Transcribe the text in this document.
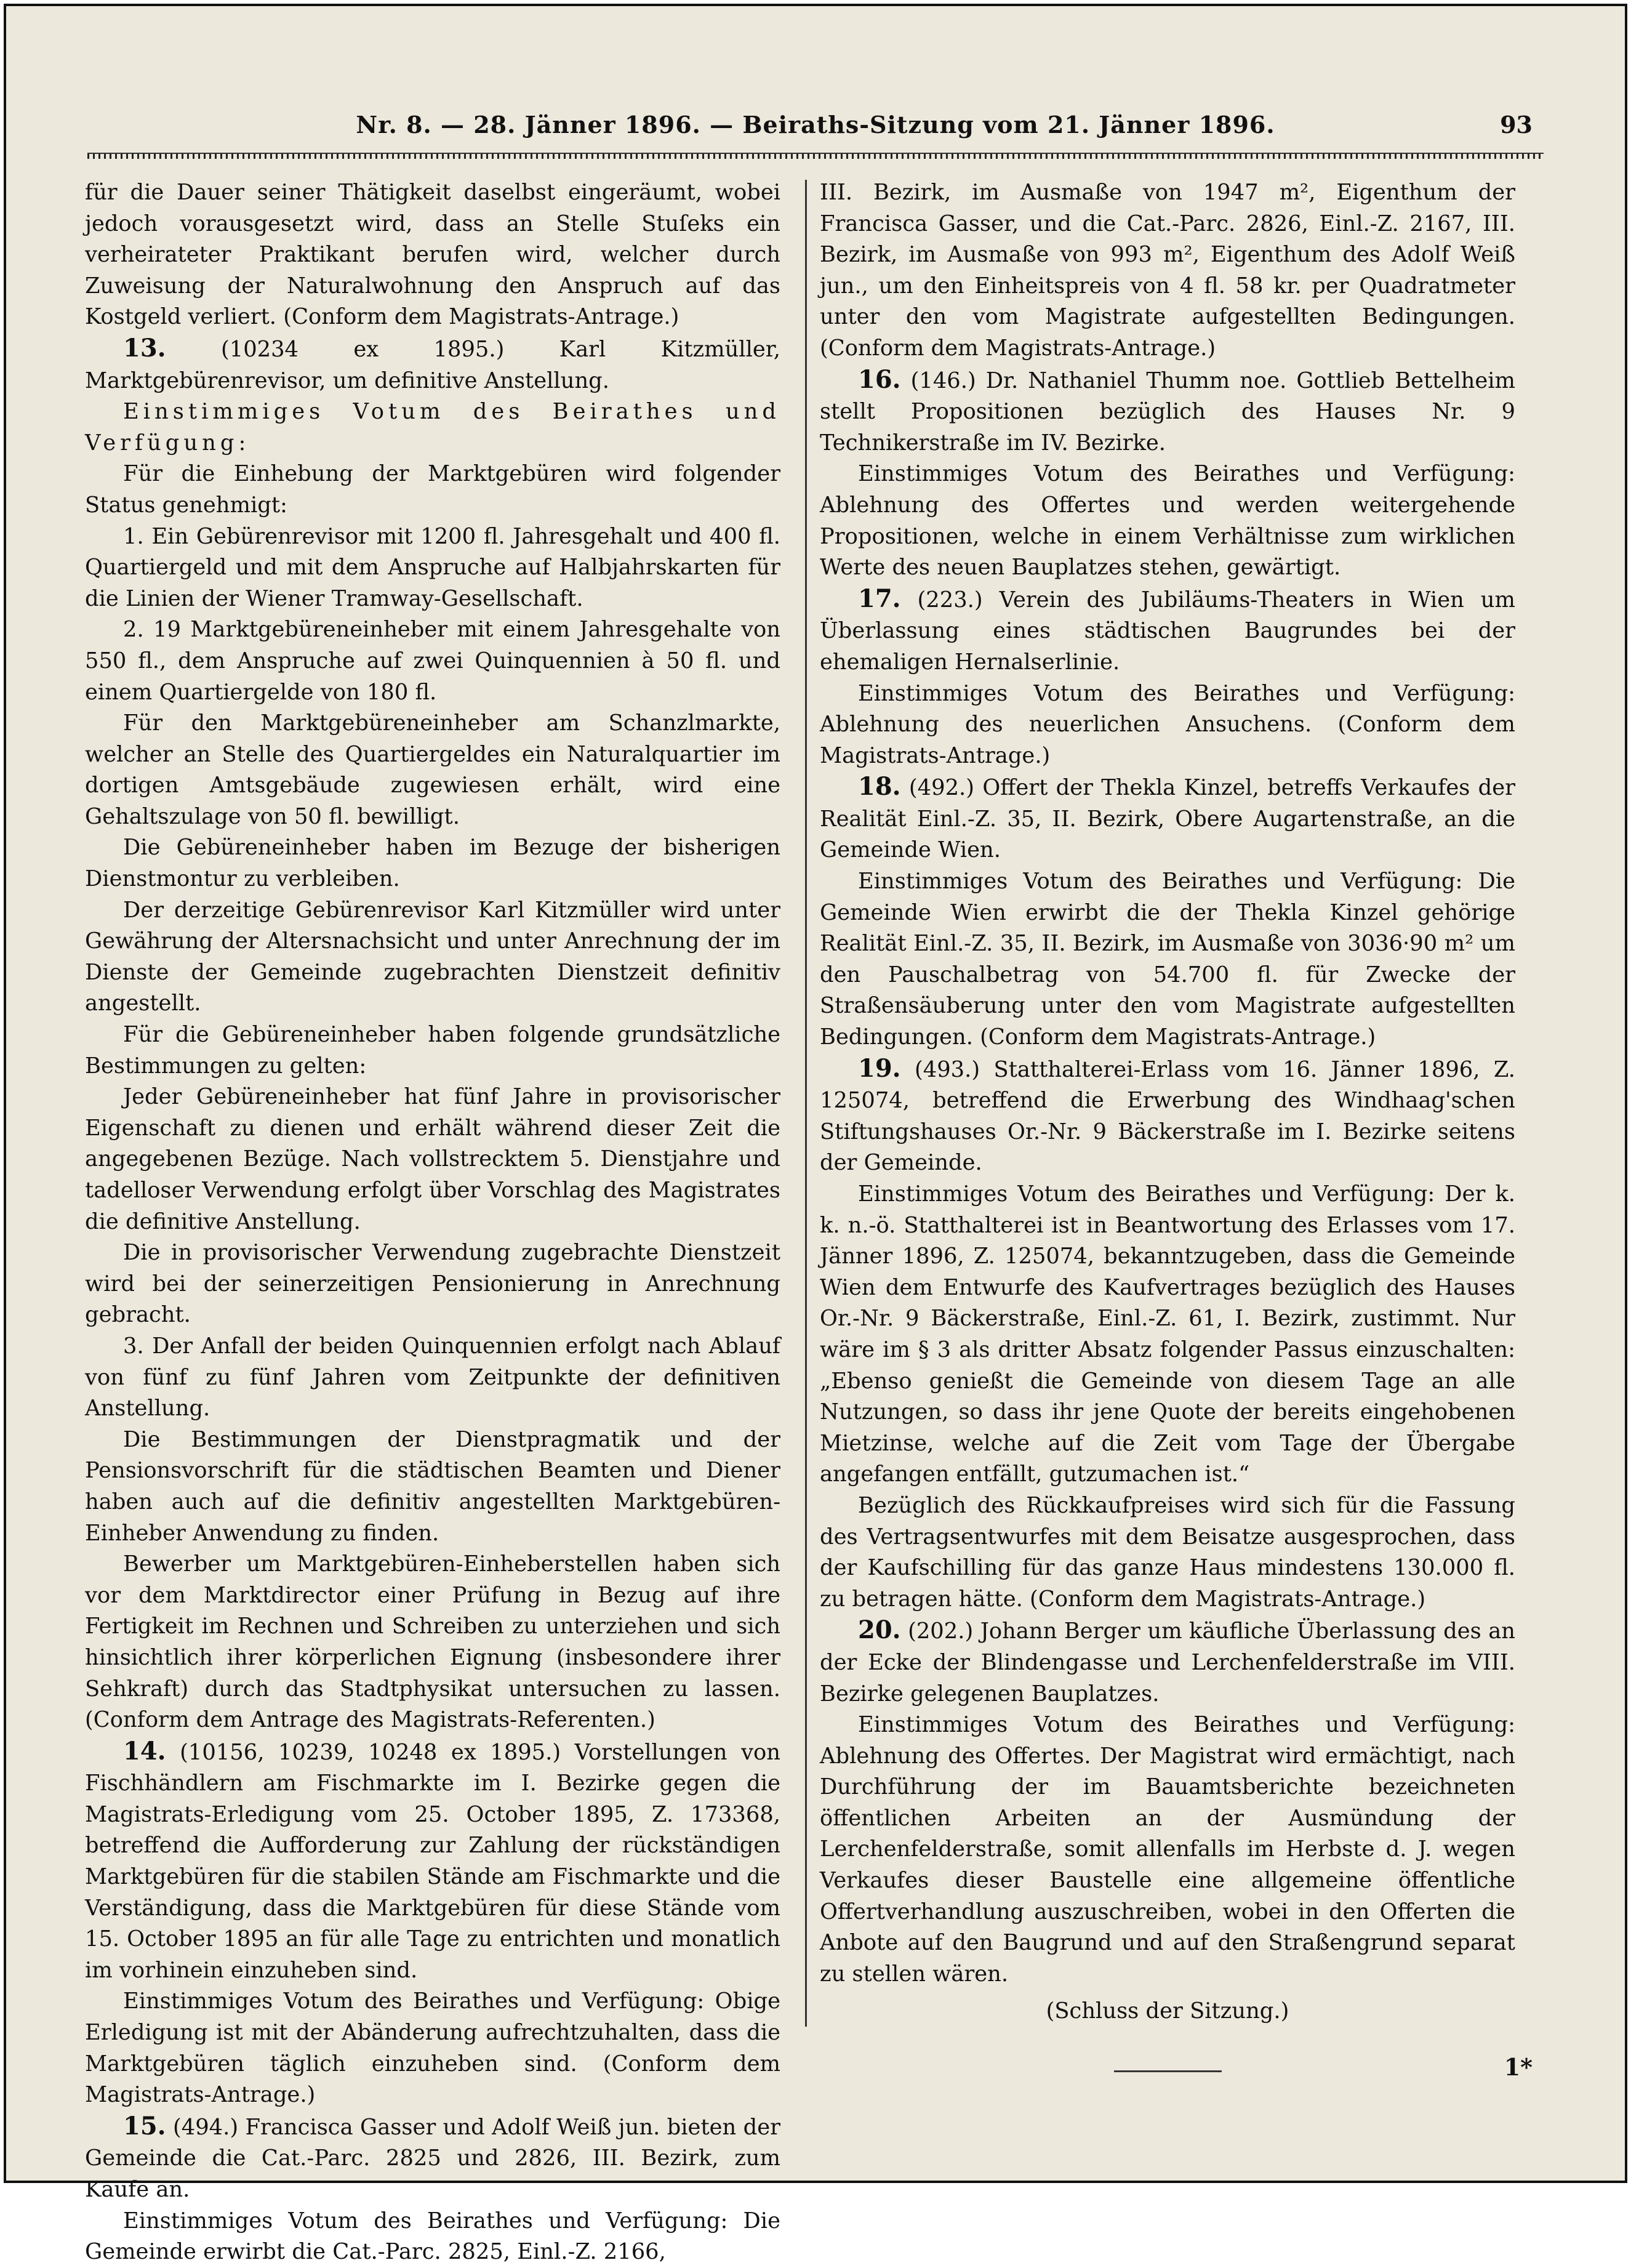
Nr. 8. — 28. Jänner 1896. — Beiraths-Sitzung vom 21. Jänner 1896.	93

für die Dauer seiner Thätigkeit daselbst eingeräumt, wobei jedoch vorausgesetzt wird, dass an Stelle Stuſeks ein verheirateter Praktikant berufen wird, welcher durch Zuweisung der Naturalwohnung den Anspruch auf das Kostgeld verliert. (Conform dem Magistrats-Antrage.)

13. (10234 ex 1895.) Karl Kitzmüller, Marktgebürenrevisor, um definitive Anstellung.

Einstimmiges Votum des Beirathes und Verfügung:

Für die Einhebung der Marktgebüren wird folgender Status genehmigt:

1. Ein Gebürenrevisor mit 1200 fl. Jahresgehalt und 400 fl. Quartiergeld und mit dem Anspruche auf Halbjahrskarten für die Linien der Wiener Tramway-Gesellschaft.

2. 19 Marktgebüreneinheber mit einem Jahresgehalte von 550 fl., dem Anspruche auf zwei Quinquennien à 50 fl. und einem Quartiergelde von 180 fl.

Für den Marktgebüreneinheber am Schanzlmarkte, welcher an Stelle des Quartiergeldes ein Naturalquartier im dortigen Amtsgebäude zugewiesen erhält, wird eine Gehaltszulage von 50 fl. bewilligt.

Die Gebüreneinheber haben im Bezuge der bisherigen Dienstmontur zu verbleiben.

Der derzeitige Gebürenrevisor Karl Kitzmüller wird unter Gewährung der Altersnachsicht und unter Anrechnung der im Dienste der Gemeinde zugebrachten Dienstzeit definitiv angestellt.

Für die Gebüreneinheber haben folgende grundsätzliche Bestimmungen zu gelten:

Jeder Gebüreneinheber hat fünf Jahre in provisorischer Eigenschaft zu dienen und erhält während dieser Zeit die angegebenen Bezüge. Nach vollstrecktem 5. Dienstjahre und tadelloser Verwendung erfolgt über Vorschlag des Magistrates die definitive Anstellung.

Die in provisorischer Verwendung zugebrachte Dienstzeit wird bei der seinerzeitigen Pensionierung in Anrechnung gebracht.

3. Der Anfall der beiden Quinquennien erfolgt nach Ablauf von fünf zu fünf Jahren vom Zeitpunkte der definitiven Anstellung.

Die Bestimmungen der Dienstpragmatik und der Pensionsvorschrift für die städtischen Beamten und Diener haben auch auf die definitiv angestellten Marktgebüren-Einheber Anwendung zu finden.

Bewerber um Marktgebüren-Einheberstellen haben sich vor dem Marktdirector einer Prüfung in Bezug auf ihre Fertigkeit im Rechnen und Schreiben zu unterziehen und sich hinsichtlich ihrer körperlichen Eignung (insbesondere ihrer Sehkraft) durch das Stadtphysikat untersuchen zu lassen. (Conform dem Antrage des Magistrats-Referenten.)

14. (10156, 10239, 10248 ex 1895.) Vorstellungen von Fischhändlern am Fischmarkte im I. Bezirke gegen die Magistrats-Erledigung vom 25. October 1895, Z. 173368, betreffend die Aufforderung zur Zahlung der rückständigen Marktgebüren für die stabilen Stände am Fischmarkte und die Verständigung, dass die Marktgebüren für diese Stände vom 15. October 1895 an für alle Tage zu entrichten und monatlich im vorhinein einzuheben sind.

Einstimmiges Votum des Beirathes und Verfügung: Obige Erledigung ist mit der Abänderung aufrechtzuhalten, dass die Marktgebüren täglich einzuheben sind. (Conform dem Magistrats-Antrage.)

15. (494.) Francisca Gasser und Adolf Weiß jun. bieten der Gemeinde die Cat.-Parc. 2825 und 2826, III. Bezirk, zum Kaufe an.

Einstimmiges Votum des Beirathes und Verfügung: Die Gemeinde erwirbt die Cat.-Parc. 2825, Einl.-Z. 2166,

III. Bezirk, im Ausmaße von 1947 m², Eigenthum der Francisca Gasser, und die Cat.-Parc. 2826, Einl.-Z. 2167, III. Bezirk, im Ausmaße von 993 m², Eigenthum des Adolf Weiß jun., um den Einheitspreis von 4 fl. 58 kr. per Quadratmeter unter den vom Magistrate aufgestellten Bedingungen. (Conform dem Magistrats-Antrage.)

16. (146.) Dr. Nathaniel Thumm noe. Gottlieb Bettelheim stellt Propositionen bezüglich des Hauses Nr. 9 Technikerstraße im IV. Bezirke.

Einstimmiges Votum des Beirathes und Verfügung: Ablehnung des Offertes und werden weitergehende Propositionen, welche in einem Verhältnisse zum wirklichen Werte des neuen Bauplatzes stehen, gewärtigt.

17. (223.) Verein des Jubiläums-Theaters in Wien um Überlassung eines städtischen Baugrundes bei der ehemaligen Hernalserlinie.

Einstimmiges Votum des Beirathes und Verfügung: Ablehnung des neuerlichen Ansuchens. (Conform dem Magistrats-Antrage.)

18. (492.) Offert der Thekla Kinzel, betreffs Verkaufes der Realität Einl.-Z. 35, II. Bezirk, Obere Augartenstraße, an die Gemeinde Wien.

Einstimmiges Votum des Beirathes und Verfügung: Die Gemeinde Wien erwirbt die der Thekla Kinzel gehörige Realität Einl.-Z. 35, II. Bezirk, im Ausmaße von 3036·90 m² um den Pauschalbetrag von 54.700 fl. für Zwecke der Straßensäuberung unter den vom Magistrate aufgestellten Bedingungen. (Conform dem Magistrats-Antrage.)

19. (493.) Statthalterei-Erlass vom 16. Jänner 1896, Z. 125074, betreffend die Erwerbung des Windhaag'schen Stiftungshauses Or.-Nr. 9 Bäckerstraße im I. Bezirke seitens der Gemeinde.

Einstimmiges Votum des Beirathes und Verfügung: Der k. k. n.-ö. Statthalterei ist in Beantwortung des Erlasses vom 17. Jänner 1896, Z. 125074, bekanntzugeben, dass die Gemeinde Wien dem Entwurfe des Kaufvertrages bezüglich des Hauses Or.-Nr. 9 Bäckerstraße, Einl.-Z. 61, I. Bezirk, zustimmt. Nur wäre im § 3 als dritter Absatz folgender Passus einzuschalten: „Ebenso genießt die Gemeinde von diesem Tage an alle Nutzungen, so dass ihr jene Quote der bereits eingehobenen Mietzinse, welche auf die Zeit vom Tage der Übergabe angefangen entfällt, gutzumachen ist.“

Bezüglich des Rückkaufpreises wird sich für die Fassung des Vertragsentwurfes mit dem Beisatze ausgesprochen, dass der Kaufschilling für das ganze Haus mindestens 130.000 fl. zu betragen hätte. (Conform dem Magistrats-Antrage.)

20. (202.) Johann Berger um käufliche Überlassung des an der Ecke der Blindengasse und Lerchenfelderstraße im VIII. Bezirke gelegenen Bauplatzes.

Einstimmiges Votum des Beirathes und Verfügung: Ablehnung des Offertes. Der Magistrat wird ermächtigt, nach Durchführung der im Bauamtsberichte bezeichneten öffentlichen Arbeiten an der Ausmündung der Lerchenfelderstraße, somit allenfalls im Herbste d. J. wegen Verkaufes dieser Baustelle eine allgemeine öffentliche Offertverhandlung auszuschreiben, wobei in den Offerten die Anbote auf den Baugrund und auf den Straßengrund separat zu stellen wären.

(Schluss der Sitzung.)

1*
